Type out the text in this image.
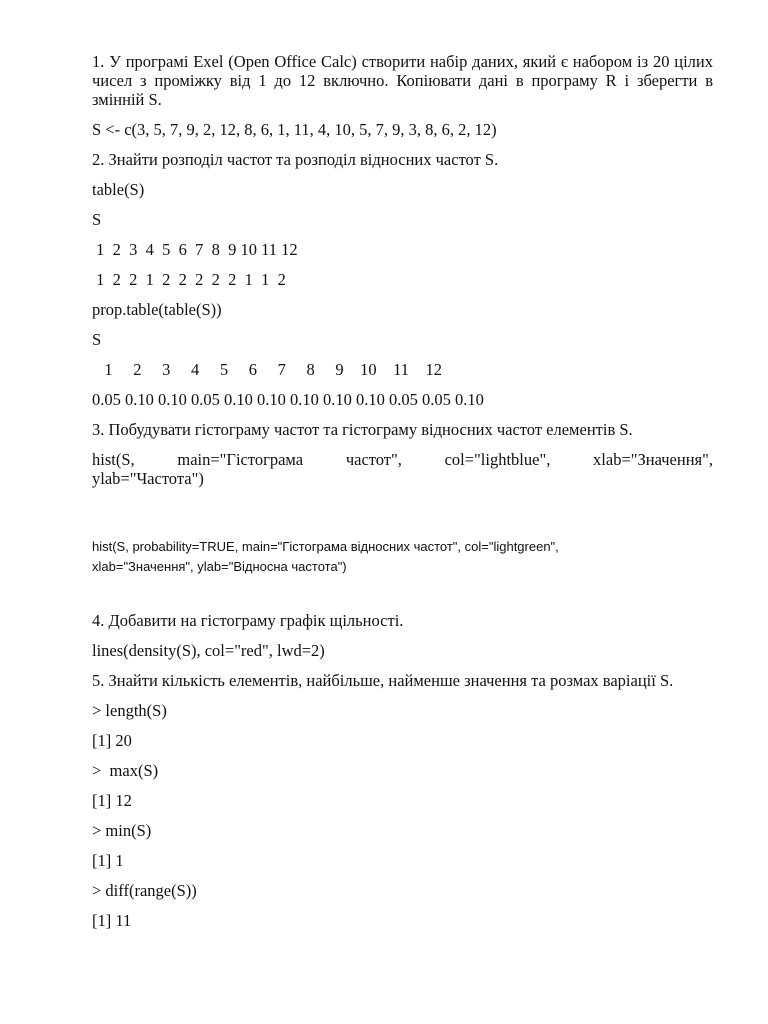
1. У програмі Exel (Open Office Calc) створити набір даних, який є набором із 20 цілих чисел з проміжку від 1 до 12 включно. Копіювати дані в програму R і зберегти в змінній S.

S <- c(3, 5, 7, 9, 2, 12, 8, 6, 1, 11, 4, 10, 5, 7, 9, 3, 8, 6, 2, 12)

2. Знайти розподіл частот та розподіл відносних частот S.

table(S)

S

1  2  3  4  5  6  7  8  9 10 11 12

1  2  2  1  2  2  2  2  2  1  1  2

prop.table(table(S))

S

1     2     3     4     5     6     7     8     9    10    11    12

0.05 0.10 0.10 0.05 0.10 0.10 0.10 0.10 0.10 0.05 0.05 0.10

3. Побудувати гістограму частот та гістограму відносних частот елементів S.

hist(S, main="Гістограма частот", col="lightblue", xlab="Значення",

ylab="Частота")

hist(S, probability=TRUE, main="Гістограма відносних частот", col="lightgreen",

xlab="Значення", ylab="Відносна частота")

4. Добавити на гістограму графік щільності.

lines(density(S), col="red", lwd=2)

5. Знайти кількість елементів, найбільше, найменше значення та розмах варіації S.

> length(S)

[1] 20

>  max(S)

[1] 12

> min(S)

[1] 1

> diff(range(S))

[1] 11
